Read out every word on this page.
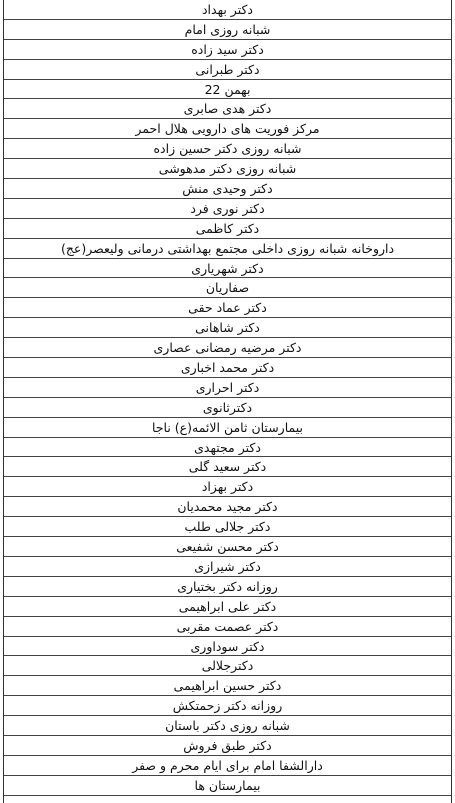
دکتر بهداد
شبانه روزی امام
دکتر سید زاده
دکتر طبرانی
بهمن 22
دکتر هدی صابری
مرکز فوریت های دارویی هلال احمر
شبانه روزی دکتر حسین زاده
شبانه روزی دکتر مدهوشی
دکتر وحیدی منش
دکتر نوری فرد
دکتر کاظمی
داروخانه شبانه روزی داخلی مجتمع بهداشتی درمانی ولیعصر(عج)
دکتر شهریاری
صفاریان
دکتر عماد حقی
دکتر شاهانی
دکتر مرضیه رمضانی عصاری
دکتر محمد اخباری
دکتر احراری
دکترثانوی
بیمارستان ثامن الائمه(ع) ناجا
دکتر مجتهدی
دکتر سعید گلی
دکتر بهزاد
دکتر مجید محمدیان
دکتر جلالی طلب
دکتر محسن شفیعی
دکتر شیرازی
روزانه دکتر بختیاری
دکتر علی ابراهیمی
دکتر عصمت مقربی
دکتر سوداوری
دکترجلالی
دکتر حسین ابراهیمی
روزانه دکتر زحمتکش
شبانه روزی دکتر باستان
دکتر طبق فروش
دارالشفا امام برای ایام محرم و صفر
بیمارستان ها
